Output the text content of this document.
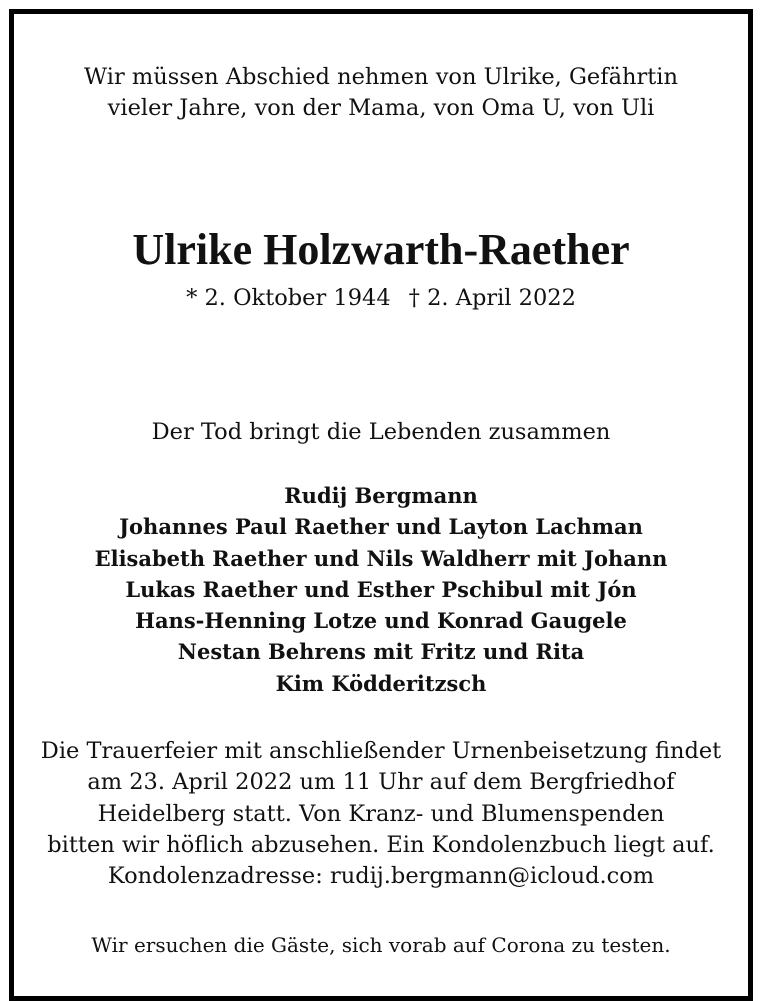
Wir müssen Abschied nehmen von Ulrike, Gefährtin
vieler Jahre, von der Mama, von Oma U, von Uli
Ulrike Holzwarth-Raether
* 2. Oktober 1944 † 2. April 2022
Der Tod bringt die Lebenden zusammen
Rudij Bergmann
Johannes Paul Raether und Layton Lachman
Elisabeth Raether und Nils Waldherr mit Johann
Lukas Raether und Esther Pschibul mit Jón
Hans-Henning Lotze und Konrad Gaugele
Nestan Behrens mit Fritz und Rita
Kim Ködderitzsch
Die Trauerfeier mit anschließender Urnenbeisetzung findet
am 23. April 2022 um 11 Uhr auf dem Bergfriedhof
Heidelberg statt. Von Kranz- und Blumenspenden
bitten wir höflich abzusehen. Ein Kondolenzbuch liegt auf.
Kondolenzadresse: rudij.bergmann@icloud.com
Wir ersuchen die Gäste, sich vorab auf Corona zu testen.
